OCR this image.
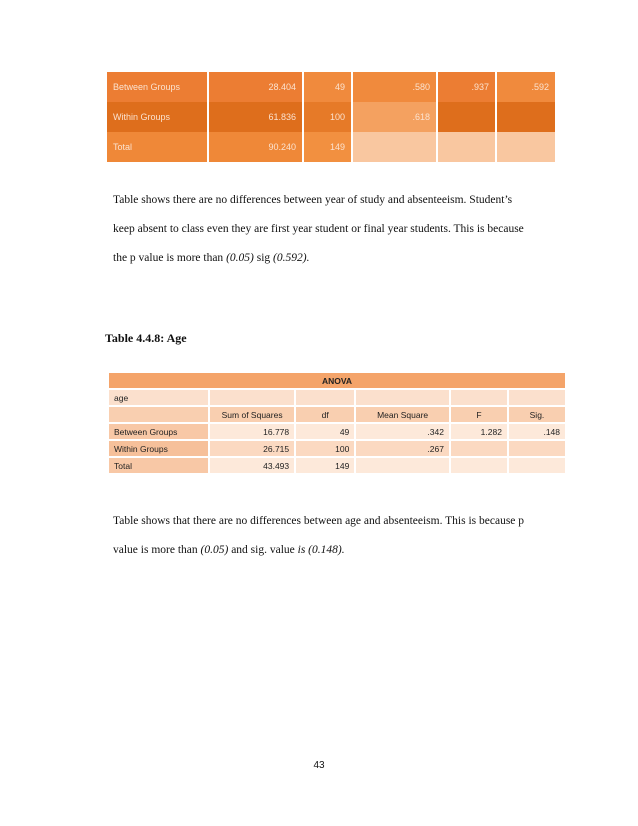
Between Groups	28.404	49	.580	.937	.592
Within Groups	61.836	100	.618		
Total	90.240	149			

Table shows there are no differences between year of study and absenteeism. Student’s

keep absent to class even they are first year student or final year students. This is because

the p value is more than (0.05) sig (0.592).

Table 4.4.8: Age
ANOVA					
age					
	Sum of Squares	df	Mean Square	F	Sig.
Between Groups	16.778	49	.342	1.282	.148
Within Groups	26.715	100	.267		
Total	43.493	149			

Table shows that there are no differences between age and absenteeism. This is because p

value is more than (0.05) and sig. value is (0.148).

43
